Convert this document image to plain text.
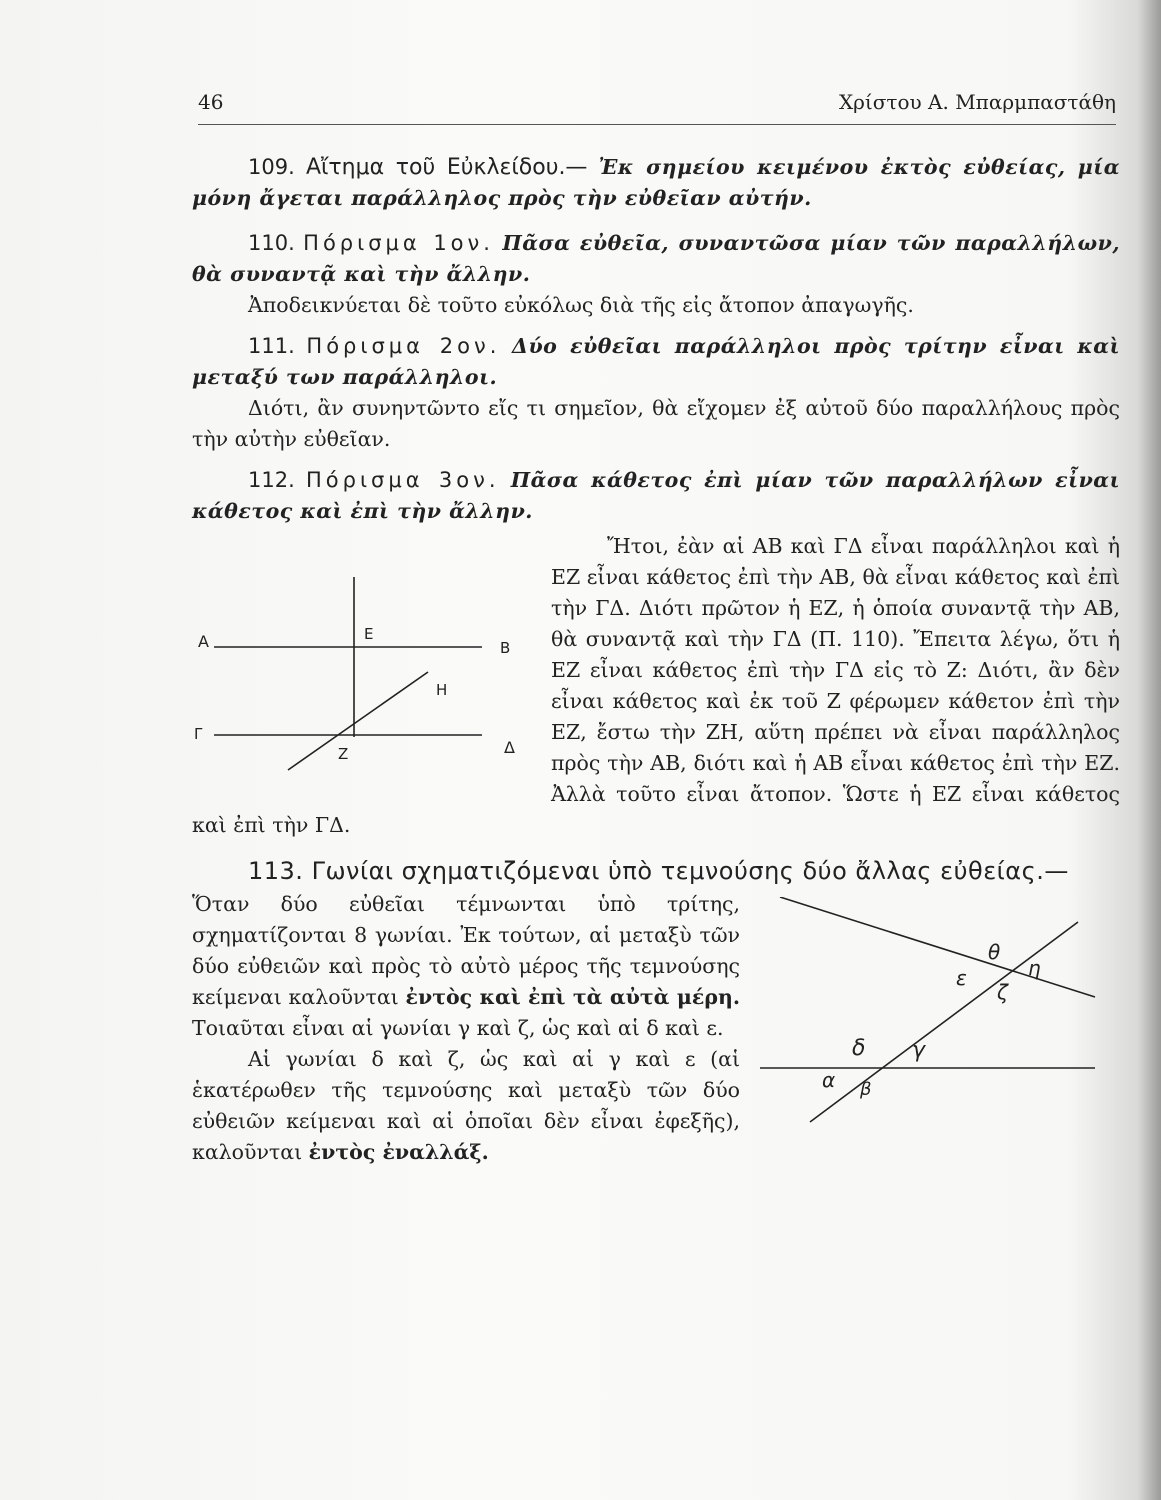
46	Χρίστου Α. Μπαρμπαστάθη

109. Αἴτημα τοῦ Εὐκλείδου.— Ἐκ σημείου κειμένου ἐκτὸς εὐθείας, μία μόνη ἄγεται παράλληλος πρὸς τὴν εὐθεῖαν αὐτήν.

110. Πόρισμα 1ον. Πᾶσα εὐθεῖα, συναντῶσα μίαν τῶν παραλλήλων, θὰ συναντᾷ καὶ τὴν ἄλλην.

Ἀποδεικνύεται δὲ τοῦτο εὐκόλως διὰ τῆς εἰς ἄτοπον ἀπαγωγῆς.

111. Πόρισμα 2ον. Δύο εὐθεῖαι παράλληλοι πρὸς τρίτην εἶναι καὶ μεταξύ των παράλληλοι.

Διότι, ἂν συνηντῶντο εἴς τι σημεῖον, θὰ εἴχομεν ἐξ αὐτοῦ δύο παραλλήλους πρὸς τὴν αὐτὴν εὐθεῖαν.

112. Πόρισμα 3ον. Πᾶσα κάθετος ἐπὶ μίαν τῶν παραλλήλων εἶναι κάθετος καὶ ἐπὶ τὴν ἄλλην.

Α	Ε
Β
Η
Γ
Ζ	Δ

Ἤτοι, ἐὰν αἱ ΑΒ καὶ ΓΔ εἶναι παράλληλοι καὶ ἡ ΕΖ εἶναι κάθετος ἐπὶ τὴν ΑΒ, θὰ εἶναι κάθετος καὶ ἐπὶ τὴν ΓΔ. Διότι πρῶτον ἡ ΕΖ, ἡ ὁποία συναντᾷ τὴν ΑΒ, θὰ συναντᾷ καὶ τὴν ΓΔ (Π. 110). Ἔπειτα λέγω, ὅτι ἡ ΕΖ εἶναι κάθετος ἐπὶ τὴν ΓΔ εἰς τὸ Ζ: Διότι, ἂν δὲν εἶναι κάθετος καὶ ἐκ τοῦ Ζ φέρωμεν κάθετον ἐπὶ τὴν ΕΖ, ἔστω τὴν ΖΗ, αὕτη πρέπει νὰ εἶναι παράλληλος πρὸς τὴν ΑΒ, διότι καὶ ἡ ΑΒ εἶναι κάθετος ἐπὶ τὴν ΕΖ. Ἀλλὰ τοῦτο εἶναι ἄτοπον. Ὥστε ἡ ΕΖ εἶναι κάθετος καὶ ἐπὶ τὴν ΓΔ.

113. Γωνίαι σχηματιζόμεναι ὑπὸ τεμνούσης δύο ἄλλας εὐθείας.—
θ
η
ε
ζ
δ γ
α β

Ὅταν δύο εὐθεῖαι τέμνωνται ὑπὸ τρίτης, σχηματίζονται 8 γωνίαι. Ἐκ τούτων, αἱ μεταξὺ τῶν δύο εὐθειῶν καὶ πρὸς τὸ αὐτὸ μέρος τῆς τεμνούσης κείμεναι καλοῦνται ἐντὸς καὶ ἐπὶ τὰ αὐτὰ μέρη. Τοιαῦται εἶναι αἱ γωνίαι γ καὶ ζ, ὡς καὶ αἱ δ καὶ ε.

Αἱ γωνίαι δ καὶ ζ, ὡς καὶ αἱ γ καὶ ε (αἱ ἑκατέρωθεν τῆς τεμνούσης καὶ μεταξὺ τῶν δύο εὐθειῶν κείμεναι καὶ αἱ ὁποῖαι δὲν εἶναι ἐφεξῆς), καλοῦνται ἐντὸς ἐναλλάξ.
